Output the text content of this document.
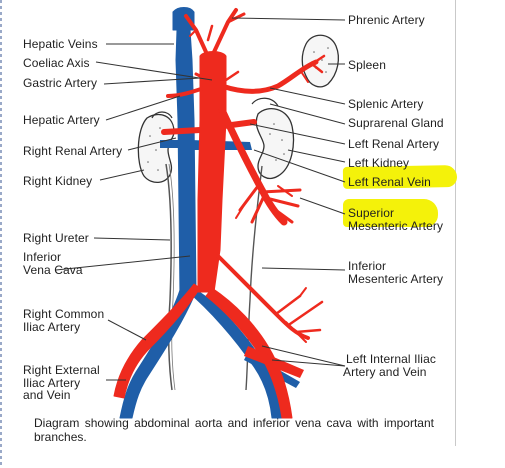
Phrenic Artery
Hepatic Veins
Coeliac Axis
Gastric Artery
Spleen
Splenic Artery
Hepatic Artery	Suprarenal Gland
Left Renal Artery
Right Renal Artery
Left Kidney
Right Kidney	Left Renal Vein
Superior
Mesenteric Artery
Right Ureter
Inferior
Vena Cava	Inferior
Mesenteric Artery
Right Common
Iliac Artery
Left Internal Iliac
Artery and Vein
Right External
Iliac Artery
and Vein
Diagram showing abdominal aorta and inferior vena cava with important branches.
